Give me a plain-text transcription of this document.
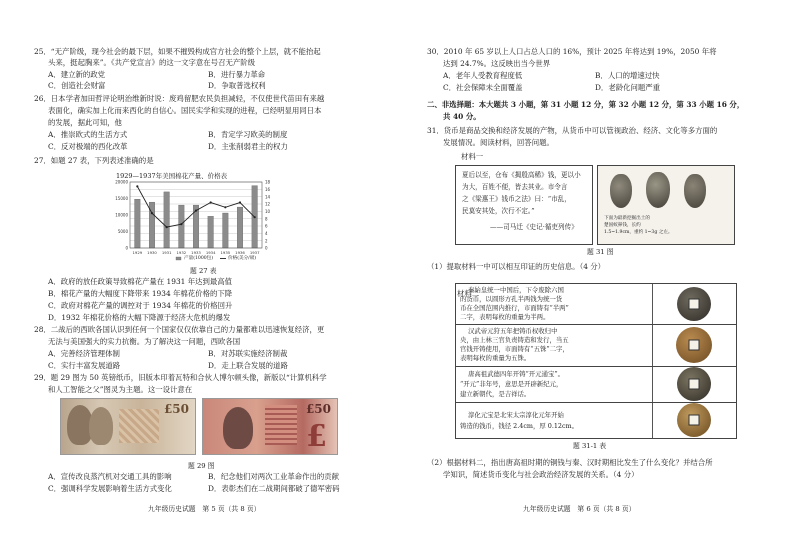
25．“无产阶级，现今社会的最下层，如果不摧毁构成官方社会的整个上层，就不能抬起
头来，挺起胸来”。《共产党宣言》的这一文字意在号召无产阶级
A．建立新的政党	B．进行暴力革命
C．创造社会财富	D．争取普选权利
26．日本学者加田哲评论明治维新时说：废鸡留肥农民负担减轻，不仅使世代苗田有来越
表面化，确实加上化而来西化的自信心。国民实学和实现的进程，已经明显用同日本
的发展，据此可知，他
A．推崇欧式的生活方式	B．肯定学习欧美的制度
C．反对极端的西化改革	D．主张削弱君主的权力
27．如题 27 表，下列表述准确的是
18
16
14
12
10
8
6
4
2
0
20000
15000
10000
5000
0
1929 1930 1931 1932 1933 1934 1935 1936 1937
1929—1937年美国棉花产量、价格表
产量(1000包)	价格(美分/磅)
题 27 表
A．政府的放任政策导致棉花产量在 1931 年达到最高值
B．棉花产量的大幅度下降带来 1934 年棉花价格的下降
C．政府对棉花产量的调控对于 1934 年棉花的价格回升
D．1932 年棉花价格的大幅下降源于经济大危机的爆发
28．二战后的西欧各国认识到任何一个国家仅仅依靠自己的力量都难以迅速恢复经济，更
无法与美国强大的实力抗衡。为了解决这一问题，西欧各国
A．完善经济管理体制	B．对苏联实施经济制裁
C．实行丰富发展道路	D．走上联合发展的道路
29．题 29 图为 50 英镑纸币，旧版本印着瓦特和合伙人博尔顿头像，新版以“计算机科学
和人工智能之父”图灵为主题。这一设计意在
£50	£50
£
题 29 图
A．宣传改良蒸汽机对交通工具的影响	B．纪念他们对两次工业革命作出的贡献
C．强调科学发展影响着生活方式变化	D．表彰杰们在二战期间都破了德军密码
九年级历史试题　第 5 页（共 8 页）
30．2010 年 65 岁以上人口占总人口的 16%，预计 2025 年将达到 19%，2050 年将
达到 24.7%。这反映出当今世界
A．老年人受教育程度低	B．人口的增速过快
C．社会保障未全面覆盖	D．老龄化问题严重
二、非选择题：本大题共 3 小题，第 31 小题 12 分，第 32 小题 12 分，第 33 小题 16 分，
共 40 分。
31．货币是商品交换和经济发展的产物，从货币中可以管视政治、经济、文化等多方面的
发展情况。阅读材料，回答问题。
材料一
夏后以至，仓布《揭殷高稀》钱，更以小
为大，百姓不便，皆去其业。市令言
之《梁惠王》钱币之法》曰：“市乱，
民莫安其处，次行不定。”
——司马迁《史记·循吏列传》
下面为最新挖掘出土的
楚国蚁鼻钱，长约
1.5~1.9cm，重约 1~3g 之左。
题 31 图
（1）提取材料一中可以相互印证的历史信息。（4 分）
材料二
秦始皇统一中国后，下令废除六国
的货币，以圆形方孔半两钱为统一货
币在全国范围内推行，市面铸有“半两”
二字，表明每枚的重量为半两。
汉武帝元狩五年把铸币权收归中
央，由上林三官负责铸造和发行，当五
官钱开铸使用，市面铸有“五铢”二字，
表明每枚的重量为五铢。
唐高祖武德四年开铸“开元通宝”。
“开元”非年号，意思是开辟新纪元，
建立新朝代，是吉祥话。
淳化元宝是北宋太宗淳化元年开始
铸造的钱币，钱径 2.4cm，厚 0.12cm。
题 31-1 表
（2）根据材料二，指出唐高祖时期的铜钱与秦、汉时期相比发生了什么变化？并结合所
学知识，简述货币变化与社会政治经济发展的关系。（4 分）
九年级历史试题　第 6 页（共 8 页）
